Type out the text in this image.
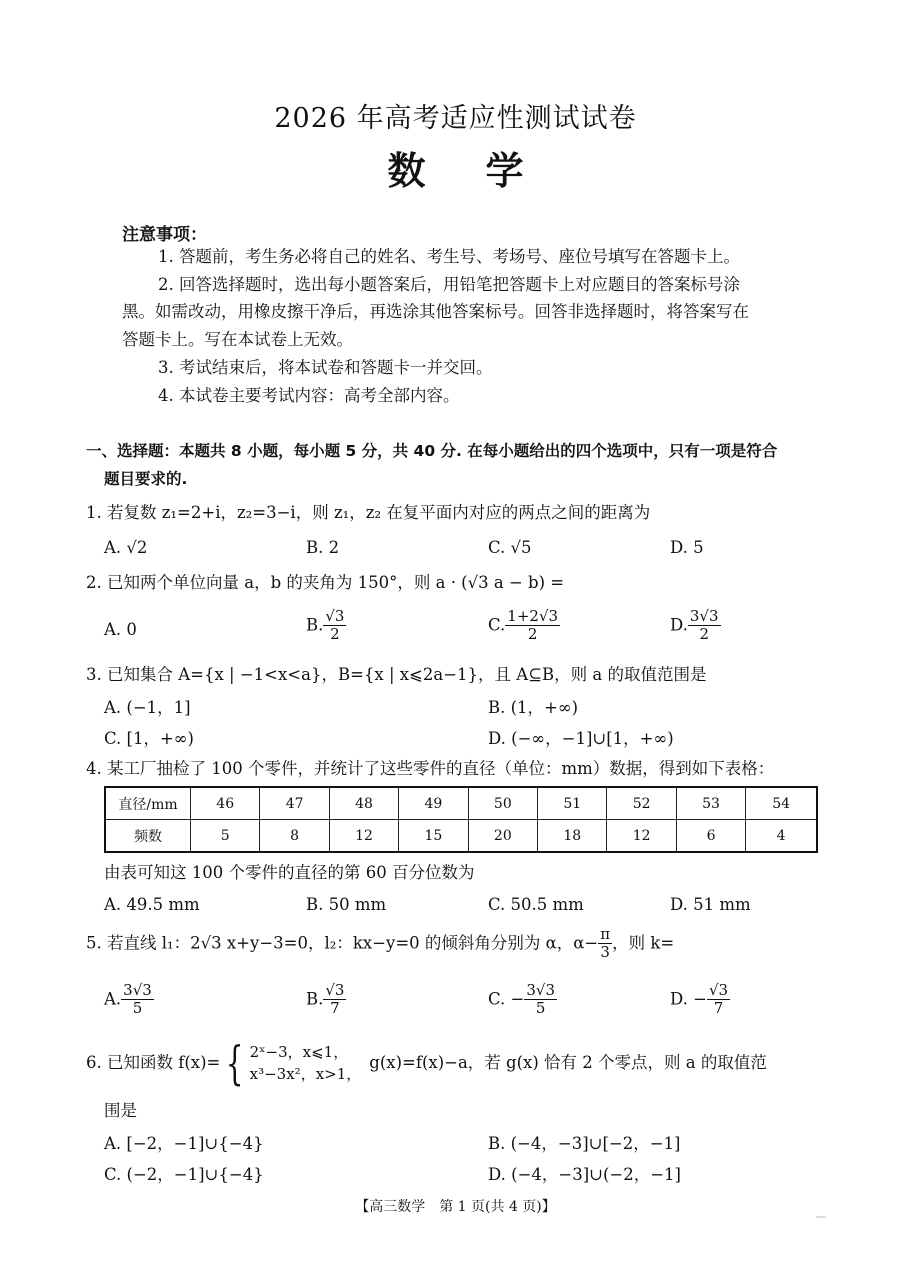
2026 年高考适应性测试试卷
数学
注意事项：
1. 答题前，考生务必将自己的姓名、考生号、考场号、座位号填写在答题卡上。
2. 回答选择题时，选出每小题答案后，用铅笔把答题卡上对应题目的答案标号涂
黑。如需改动，用橡皮擦干净后，再选涂其他答案标号。回答非选择题时，将答案写在
答题卡上。写在本试卷上无效。
3. 考试结束后，将本试卷和答题卡一并交回。
4. 本试卷主要考试内容：高考全部内容。
一、选择题：本题共 8 小题，每小题 5 分，共 40 分. 在每小题给出的四个选项中，只有一项是符合
题目要求的.
1. 若复数 z₁=2+i，z₂=3−i，则 z₁，z₂ 在复平面内对应的两点之间的距离为
A. √2	B. 2	C. √5	D. 5
2. 已知两个单位向量 a，b 的夹角为 150°，则 a · (√3 a − b) =
A. 0	B. $\frac{√3}{2}$	C. $\frac{1+2√3}{2}$	D. $\frac{3√3}{2}$
3. 已知集合 A={x | −1<x<a}，B={x | x⩽2a−1}，且 A⊆B，则 a 的取值范围是
A. (−1，1]	B. (1，+∞)
C. [1，+∞)	D. (−∞，−1]∪[1，+∞)
4. 某工厂抽检了 100 个零件，并统计了这些零件的直径（单位：mm）数据，得到如下表格：
直径/mm	46	47	48	49	50	51	52	53	54
频数	5	8	12	15	20	18	12	6	4
由表可知这 100 个零件的直径的第 60 百分位数为
A. 49.5 mm	B. 50 mm	C. 50.5 mm	D. 51 mm
5. 若直线 l₁：2√3 x+y−3=0，l₂：kx−y=0 的倾斜角分别为 α，$\alpha- \frac{\pi}{3}$ ，则 k=
A. $\frac{3√3}{5}$	B. $\frac{√3}{7}$	C. − $\frac{3√3}{5}$	D. − $\frac{√3}{7}$
6. 已知函数 f(x)= { 2ˣ−3，x⩽1，
x³−3x²，x>1，
g(x)=f(x)−a，若 g(x) 恰有 2 个零点，则 a 的取值范
围是
A. [−2，−1]∪{−4}	B. (−4，−3]∪[−2，−1]
C. (−2，−1]∪{−4}	D. (−4，−3]∪(−2，−1]
【高三数学　第 1 页(共 4 页)】
